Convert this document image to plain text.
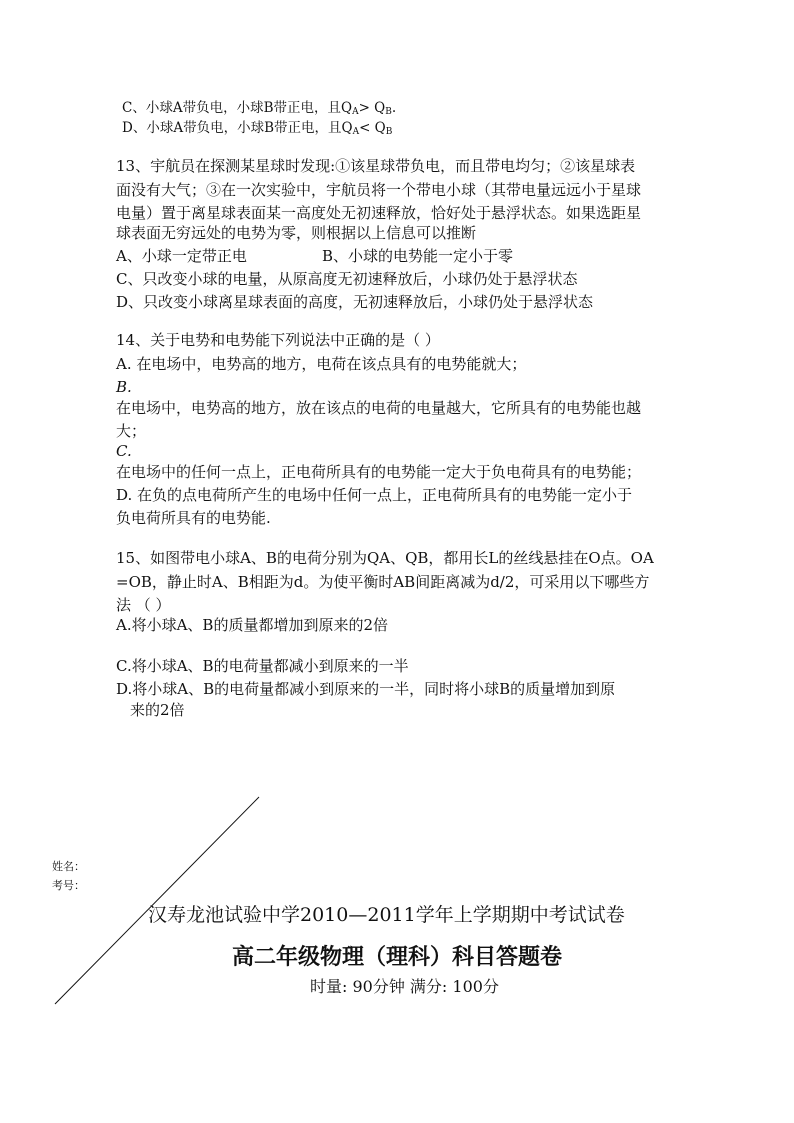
C、小球A带负电，小球B带正电，且$Q_A> Q_B$.
D、小球A带负电，小球B带正电，且$Q_A< Q_B$
13、宇航员在探测某星球时发现:①该星球带负电，而且带电均匀；②该星球表
面没有大气；③在一次实验中，宇航员将一个带电小球（其带电量远远小于星球
电量）置于离星球表面某一高度处无初速释放，恰好处于悬浮状态。如果选距星
球表面无穷远处的电势为零，则根据以上信息可以推断
A、小球一定带正电	B、小球的电势能一定小于零
C、只改变小球的电量，从原高度无初速释放后，小球仍处于悬浮状态
D、只改变小球离星球表面的高度，无初速释放后，小球仍处于悬浮状态
14、关于电势和电势能下列说法中正确的是（ ）
A. 在电场中，电势高的地方，电荷在该点具有的电势能就大；
B.
在电场中，电势高的地方，放在该点的电荷的电量越大，它所具有的电势能也越
大；
C.
在电场中的任何一点上，正电荷所具有的电势能一定大于负电荷具有的电势能；
D. 在负的点电荷所产生的电场中任何一点上，正电荷所具有的电势能一定小于
负电荷所具有的电势能.
15、如图带电小球A、B的电荷分别为QA、QB，都用长L的丝线悬挂在O点。OA
=OB，静止时A、B相距为d。为使平衡时AB间距离减为d/2，可采用以下哪些方
法 （ ）
A.将小球A、B的质量都增加到原来的2倍
C.将小球A、B的电荷量都减小到原来的一半
D.将小球A、B的电荷量都减小到原来的一半，同时将小球B的质量增加到原
来的2倍
姓名：
考号：
汉寿龙池试验中学2010—2011学年上学期期中考试试卷
高二年级物理（理科）科目答题卷
时量: 90分钟 满分: 100分
